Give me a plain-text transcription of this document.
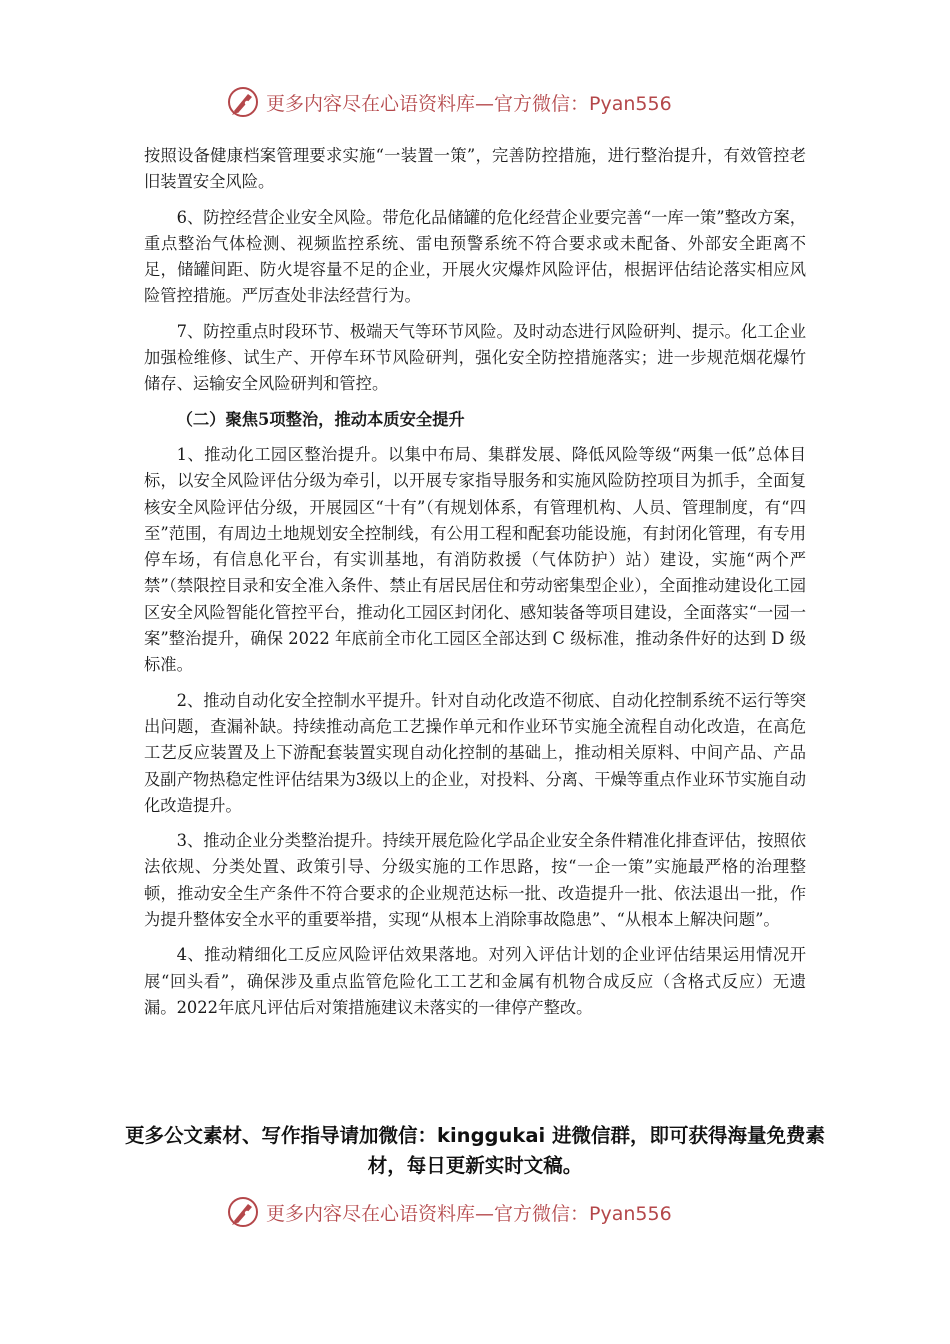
更多内容尽在心语资料库—官方微信：Pyan556

按照设备健康档案管理要求实施“一装置一策”，完善防控措施，进行整治提升，有效管控老旧装置安全风险。

6、防控经营企业安全风险。带危化品储罐的危化经营企业要完善“一库一策”整改方案，重点整治气体检测、视频监控系统、雷电预警系统不符合要求或未配备、外部安全距离不足，储罐间距、防火堤容量不足的企业，开展火灾爆炸风险评估，根据评估结论落实相应风险管控措施。严厉查处非法经营行为。

7、防控重点时段环节、极端天气等环节风险。及时动态进行风险研判、提示。化工企业加强检维修、试生产、开停车环节风险研判，强化安全防控措施落实；进一步规范烟花爆竹储存、运输安全风险研判和管控。

（二）聚焦5项整治，推动本质安全提升

1、推动化工园区整治提升。以集中布局、集群发展、降低风险等级“两集一低”总体目标，以安全风险评估分级为牵引，以开展专家指导服务和实施风险防控项目为抓手，全面复核安全风险评估分级，开展园区“十有”（有规划体系，有管理机构、人员、管理制度，有“四至”范围，有周边土地规划安全控制线，有公用工程和配套功能设施，有封闭化管理，有专用停车场，有信息化平台，有实训基地，有消防救援（气体防护）站）建设，实施“两个严禁”（禁限控目录和安全准入条件、禁止有居民居住和劳动密集型企业），全面推动建设化工园区安全风险智能化管控平台，推动化工园区封闭化、感知装备等项目建设，全面落实“一园一案”整治提升，确保 2022 年底前全市化工园区全部达到 C 级标准，推动条件好的达到 D 级标准。

2、推动自动化安全控制水平提升。针对自动化改造不彻底、自动化控制系统不运行等突出问题，查漏补缺。持续推动高危工艺操作单元和作业环节实施全流程自动化改造，在高危工艺反应装置及上下游配套装置实现自动化控制的基础上，推动相关原料、中间产品、产品及副产物热稳定性评估结果为3级以上的企业，对投料、分离、干燥等重点作业环节实施自动化改造提升。

3、推动企业分类整治提升。持续开展危险化学品企业安全条件精准化排查评估，按照依法依规、分类处置、政策引导、分级实施的工作思路，按“一企一策”实施最严格的治理整顿，推动安全生产条件不符合要求的企业规范达标一批、改造提升一批、依法退出一批，作为提升整体安全水平的重要举措，实现“从根本上消除事故隐患”、“从根本上解决问题”。

4、推动精细化工反应风险评估效果落地。对列入评估计划的企业评估结果运用情况开展“回头看”，确保涉及重点监管危险化工工艺和金属有机物合成反应（含格式反应）无遗漏。2022年底凡评估后对策措施建议未落实的一律停产整改。

更多公文素材、写作指导请加微信：kinggukai 进微信群，即可获得海量免费素材，每日更新实时文稿。
更多内容尽在心语资料库—官方微信：Pyan556
